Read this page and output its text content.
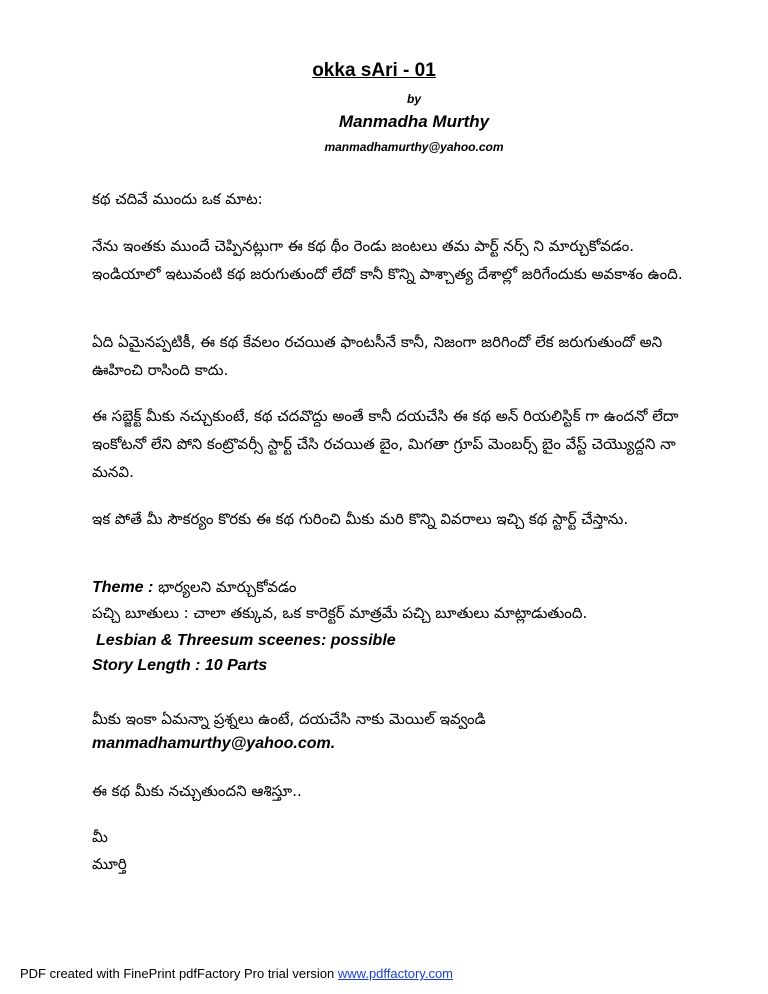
okka sAri - 01
by
Manmadha Murthy
manmadhamurthy@yahoo.com
కథ చదివే ముందు ఒక మాట:
నేను ఇంతకు ముందే చెప్పినట్లుగా ఈ కథ థీం రెండు జంటలు తమ పార్ట్ నర్స్ ని మార్చుకోవడం. ఇండియాలో ఇటువంటి కథ జరుగుతుందో లేదో కానీ కొన్ని పాశ్చాత్య దేశాల్లో జరిగేందుకు అవకాశం ఉంది.
ఏది ఏమైనప్పటికీ, ఈ కథ కేవలం రచయిత ఫాంటసీనే కానీ, నిజంగా జరిగిందో లేక జరుగుతుందో అని ఊహించి రాసింది కాదు.
ఈ సబ్జెక్ట్ మీకు నచ్చుకుంటే, కథ చదవొద్దు అంతే కానీ దయచేసి ఈ కథ అన్ రియలిస్టిక్ గా ఉందనో లేదా ఇంకోటనో లేని పోని కంట్రొవర్సీ స్టార్ట్ చేసి రచయిత బైం, మిగతా గ్రూప్ మెంబర్స్ బైం వేస్ట్ చెయ్యొద్దని నా మనవి.
ఇక పోతే మీ సౌకర్యం కొరకు ఈ కథ గురించి మీకు మరి కొన్ని వివరాలు ఇచ్చి కథ స్టార్ట్ చేస్తాను.
Theme : భార్యలని మార్చుకోవడం
పచ్చి బూతులు : చాలా తక్కువ, ఒక కారెక్టర్ మాత్రమే పచ్చి బూతులు మాట్లాడుతుంది.
Lesbian & Threesum sceenes: possible
Story Length : 10 Parts
మీకు ఇంకా ఏమన్నా ప్రశ్నలు ఉంటే, దయచేసి నాకు మెయిల్ ఇవ్వండి
manmadhamurthy@yahoo.com.
ఈ కథ మీకు నచ్చుతుందని ఆశిస్తూ..
మీ
మూర్తి
PDF created with FinePrint pdfFactory Pro trial version www.pdffactory.com
